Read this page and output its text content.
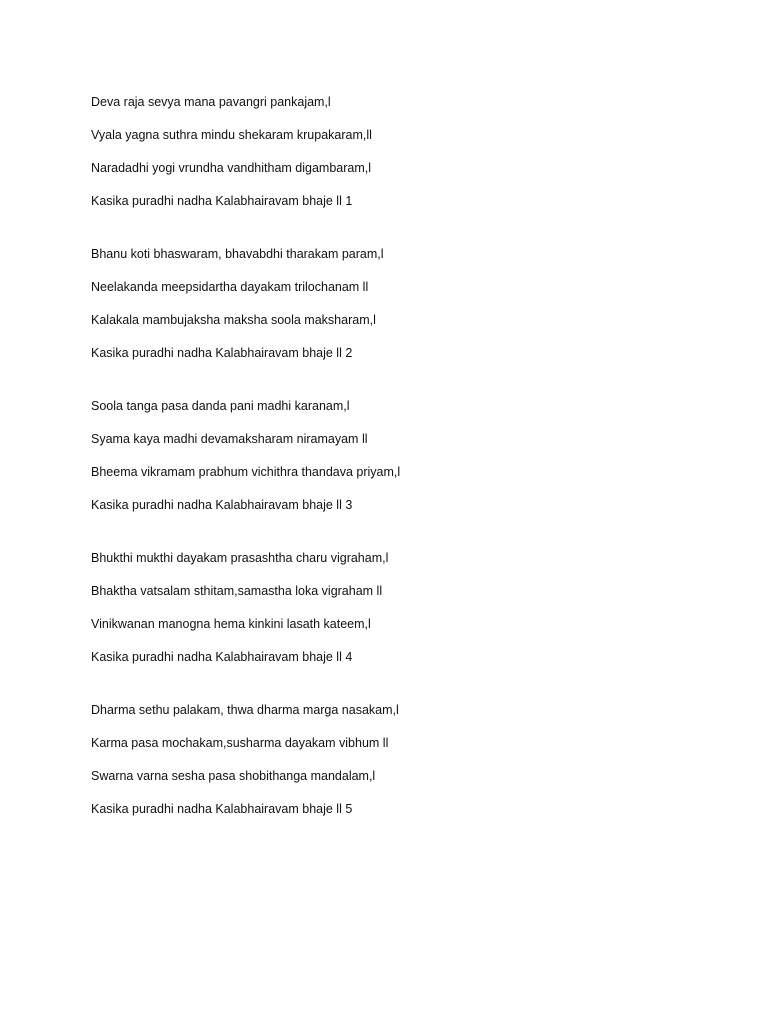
Deva raja sevya mana pavangri pankajam,l
Vyala yagna suthra mindu shekaram krupakaram,ll
Naradadhi yogi vrundha vandhitham digambaram,l
Kasika puradhi nadha Kalabhairavam bhaje ll 1
Bhanu koti bhaswaram, bhavabdhi tharakam param,l
Neelakanda meepsidartha dayakam trilochanam ll
Kalakala mambujaksha maksha soola maksharam,l
Kasika puradhi nadha Kalabhairavam bhaje ll 2
Soola tanga pasa danda pani madhi karanam,l
Syama kaya madhi devamaksharam niramayam ll
Bheema vikramam prabhum vichithra thandava priyam,l
Kasika puradhi nadha Kalabhairavam bhaje ll 3
Bhukthi mukthi dayakam prasashtha charu vigraham,l
Bhaktha vatsalam sthitam,samastha loka vigraham ll
Vinikwanan manogna hema kinkini lasath kateem,l
Kasika puradhi nadha Kalabhairavam bhaje ll 4
Dharma sethu palakam, thwa dharma marga nasakam,l
Karma pasa mochakam,susharma dayakam vibhum ll
Swarna varna sesha pasa shobithanga mandalam,l
Kasika puradhi nadha Kalabhairavam bhaje ll 5
